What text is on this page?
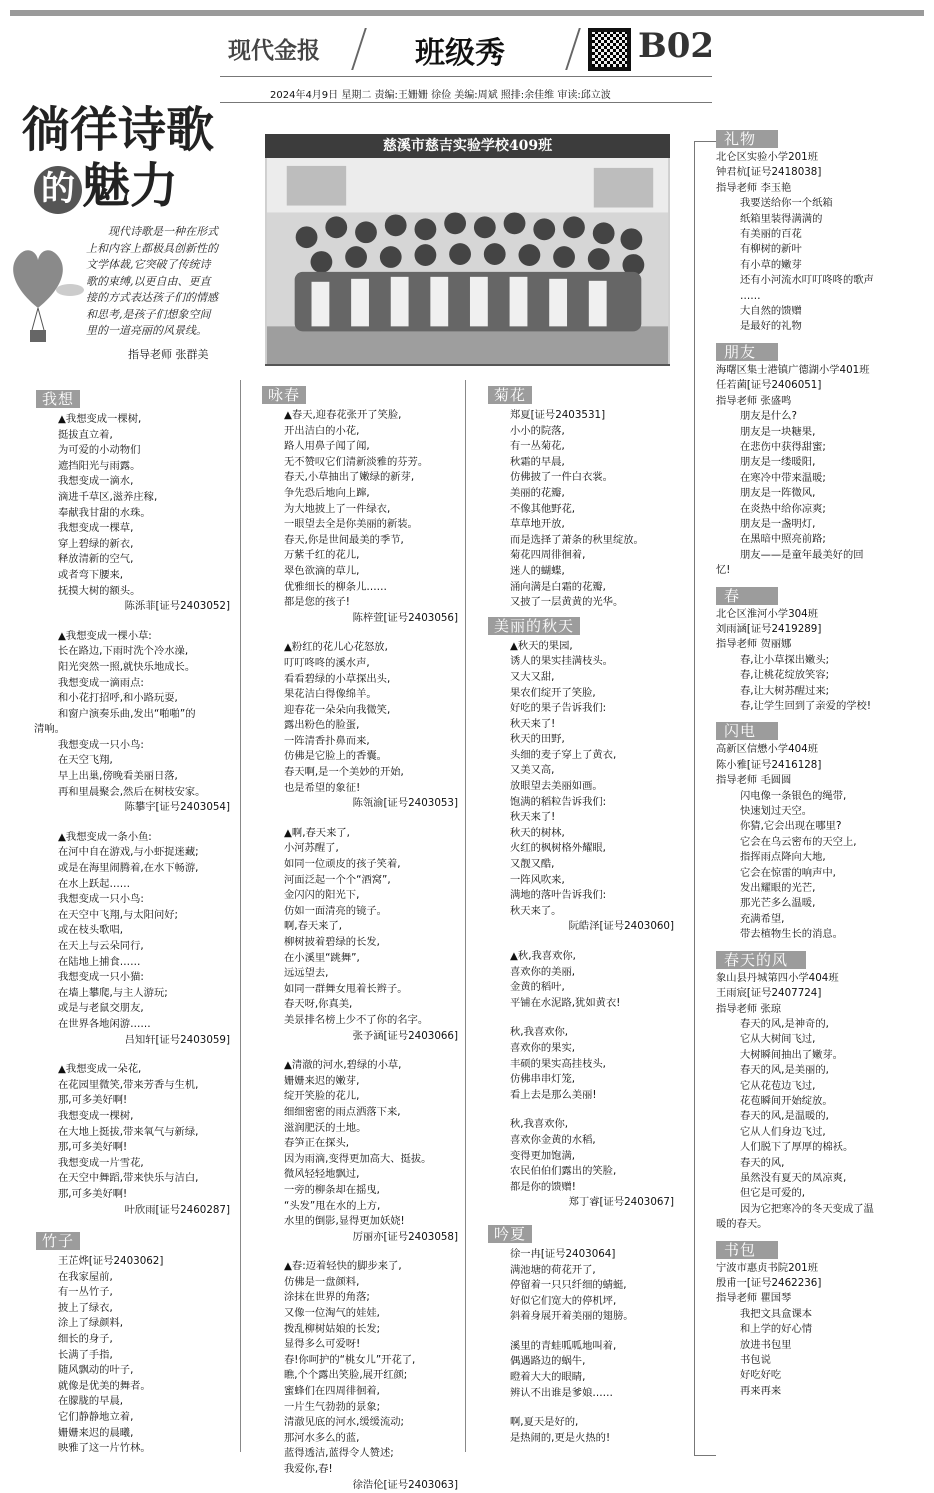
现代金报	班级秀	B02
2024年4月9日 星期二 责编:王姗姗 徐俭 美编:周斌 照排:余佳维 审读:邱立波
徜徉诗歌
的 魅力
现代诗歌是一种在形式上和内容上都极具创新性的文学体裁,它突破了传统诗歌的束缚,以更自由、更直接的方式表达孩子们的情感和思考,是孩子们想象空间里的一道亮丽的风景线。
指导老师 张群美
慈溪市慈吉实验学校409班
我想

▲我想变成一棵树,

挺拔直立着,

为可爱的小动物们

遮挡阳光与雨露。

我想变成一滴水,

滴进千草区,滋养庄稼,

奉献我甘甜的水珠。

我想变成一棵草,

穿上碧绿的新衣,

释放清新的空气,

或者弯下腰来,

抚摸大树的额头。

陈泺菲[证号2403052]

▲我想变成一棵小草:

长在路边,下雨时洗个冷水澡,

阳光突然一照,就快乐地成长。

我想变成一滴雨点:

和小花打招呼,和小路玩耍,

和窗户演奏乐曲,发出“啪啪”的

清响。

我想变成一只小鸟:

在天空飞翔,

早上出巢,傍晚看美丽日落,

再和里晨聚会,然后在树枝安家。

陈攀宇[证号2403054]

▲我想变成一条小鱼:

在河中自在游戏,与小虾捉迷藏;

或是在海里闹腾着,在水下畅游,

在水上跃起……

我想变成一只小鸟:

在天空中飞翔,与太阳问好;

或在枝头歌唱,

在天上与云朵同行,

在陆地上捕食……

我想变成一只小猫:

在墙上攀爬,与主人游玩;

或是与老鼠交朋友,

在世界各地闲游……

吕知轩[证号2403059]

▲我想变成一朵花,

在花园里微笑,带来芳香与生机,

那,可多美好啊!

我想变成一棵树,

在大地上挺拔,带来氧气与新绿,

那,可多美好啊!

我想变成一片雪花,

在天空中舞蹈,带来快乐与洁白,

那,可多美好啊!

叶欣雨[证号2460287]

竹子

王芷烨[证号2403062]

在我家屋前,

有一丛竹子,

披上了绿衣,

涂上了绿颜料,

细长的身子,

长满了手指,

随风飘动的叶子,

就像是优美的舞者。

在朦胧的早晨,

它们静静地立着,

姗姗来迟的晨曦,

映雅了这一片竹林。

咏春

▲春天,迎春花张开了笑脸,

开出洁白的小花,

路人用鼻子闻了闻,

无不赞叹它们清新淡雅的芬芳。

春天,小草抽出了嫩绿的新芽,

争先恐后地向上蹿,

为大地披上了一件绿衣,

一眼望去全是你美丽的新装。

春天,你是世间最美的季节,

万紫千红的花儿,

翠色欲滴的草儿,

优雅细长的柳条儿……

都是您的孩子!

陈梓萱[证号2403056]

▲粉红的花儿心花怒放,

叮叮咚咚的溪水声,

看看碧绿的小草探出头,

果花洁白得像绵羊。

迎春花一朵朵向我微笑,

露出粉色的脸蛋,

一阵清香扑鼻而来,

仿佛是它脸上的香囊。

春天啊,是一个美妙的开始,

也是希望的象征!

陈瓴渝[证号2403053]

▲啊,春天来了,

小河苏醒了,

如同一位顽皮的孩子笑着,

河面泛起一个个“酒窝”,

金闪闪的阳光下,

仿如一面清亮的镜子。

啊,春天来了,

柳树披着碧绿的长发,

在小溪里“跳舞”,

远远望去,

如同一群舞女甩着长辫子。

春天呀,你真美,

美景排名榜上少不了你的名字。

张予涵[证号2403066]

▲清澈的河水,碧绿的小草,

姗姗来迟的嫩芽,

绽开笑脸的花儿,

细细密密的雨点洒落下来,

滋润肥沃的土地。

春笋正在探头,

因为雨滴,变得更加高大、挺拔。

微风轻轻地飘过,

一旁的柳条却在摇曳,

“头发”甩在水的上方,

水里的倒影,显得更加妖娆!

厉丽亦[证号2403058]

▲春:迈着轻快的脚步来了,

仿佛是一盘颜料,

涂抹在世界的角落;

又像一位淘气的娃娃,

拨乱柳树姑娘的长发;

显得多么可爱呀!

春!你呵护的“桃女儿”开花了,

瞧,个个露出笑脸,展开红颜;

蜜蜂们在四周徘徊着,

一片生气勃勃的景象;

清澈见底的河水,缓缓流动;

那河水多么的蓝,

蓝得透洁,蓝得令人赞述;

我爱你,春!

徐浩伦[证号2403063]

菊花

郑夏[证号2403531]

小小的院落,

有一丛菊花,

秋霜的早晨,

仿佛披了一件白衣裳。

美丽的花瓣,

不像其他野花,

草草地开放,

而是选择了萧条的秋里绽放。

菊花四周徘徊着,

迷人的蝴蝶,

涌向满是白霜的花瓣,

又披了一层黄黄的光华。

美丽的秋天

▲秋天的果园,

诱人的果实挂满枝头。

又大又甜,

果农们绽开了笑脸,

好吃的果子告诉我们:

秋天来了!

秋天的田野,

头细的麦子穿上了黄衣,

又美又高,

放眼望去美丽如画。

饱满的稻粒告诉我们:

秋天来了!

秋天的树林,

火红的枫树格外耀眼,

又靓又酷,

一阵风吹来,

满地的落叶告诉我们:

秋天来了。

阮皓泽[证号2403060]

▲秋,我喜欢你,

喜欢你的美丽,

金黄的稻叶,

平铺在水泥路,犹如黄衣!

秋,我喜欢你,

喜欢你的果实,

丰硕的果实高挂枝头,

仿佛串串灯笼,

看上去是那么美丽!

秋,我喜欢你,

喜欢你金黄的水稻,

变得更加饱满,

农民伯伯们露出的笑脸,

都是你的馈赠!

郑丁睿[证号2403067]

吟夏

徐一冉[证号2403064]

满池塘的荷花开了,

停留着一只只纤细的蜻蜓,

好似它们宽大的停机坪,

斜着身展开着美丽的翅膀。

溪里的青蛙呱呱地叫着,

偶遇路边的蜗牛,

瞪着大大的眼睛,

辨认不出谁是爹娘……

啊,夏天是好的,

是热闹的,更是火热的!

礼物

北仑区实验小学201班

钟君杭[证号2418038]

指导老师 李玉艳

我要送给你一个纸箱

纸箱里装得满满的

有美丽的百花

有柳树的新叶

有小草的嫩芽

还有小河流水叮叮咚咚的歌声

……

大自然的馈赠

是最好的礼物

朋友

海曙区集士港镇广德湖小学401班

任若菌[证号2406051]

指导老师 张盛鸣

朋友是什么?

朋友是一块糖果,

在悲伤中获得甜蜜;

朋友是一缕暖阳,

在寒冷中带来温暖;

朋友是一阵微风,

在炎热中给你凉爽;

朋友是一盏明灯,

在黑暗中照亮前路;

朋友——是童年最美好的回

忆!

春

北仑区淮河小学304班

刘雨涵[证号2419289]

指导老师 贺丽娜

春,让小草探出嫩头;

春,让桃花绽放笑容;

春,让大树苏醒过来;

春,让学生回到了亲爱的学校!

闪电

高新区信懋小学404班

陈小雅[证号2416128]

指导老师 毛圆圆

闪电像一条银色的绳带,

快速划过天空。

你猜,它会出现在哪里?

它会在乌云密布的天空上,

指挥雨点降向大地,

它会在惊雷的响声中,

发出耀眼的光芒,

那光芒多么温暖,

充满希望,

带去植物生长的消息。

春天的风

象山县丹城第四小学404班

王雨宸[证号2407724]

指导老师 张琼

春天的风,是神奇的,

它从大树间飞过,

大树瞬间抽出了嫩芽。

春天的风,是美丽的,

它从花苞边飞过,

花苞瞬间开始绽放。

春天的风,是温暖的,

它从人们身边飞过,

人们脱下了厚厚的棉袄。

春天的风,

虽然没有夏天的凤凉爽,

但它是可爱的,

因为它把寒冷的冬天变成了温

暖的春天。

书包

宁波市惠贞书院201班

殷甫一[证号2462236]

指导老师 瞿国琴

我把文具盒课本

和上学的好心情

放进书包里

书包说

好吃好吃

再来再来
